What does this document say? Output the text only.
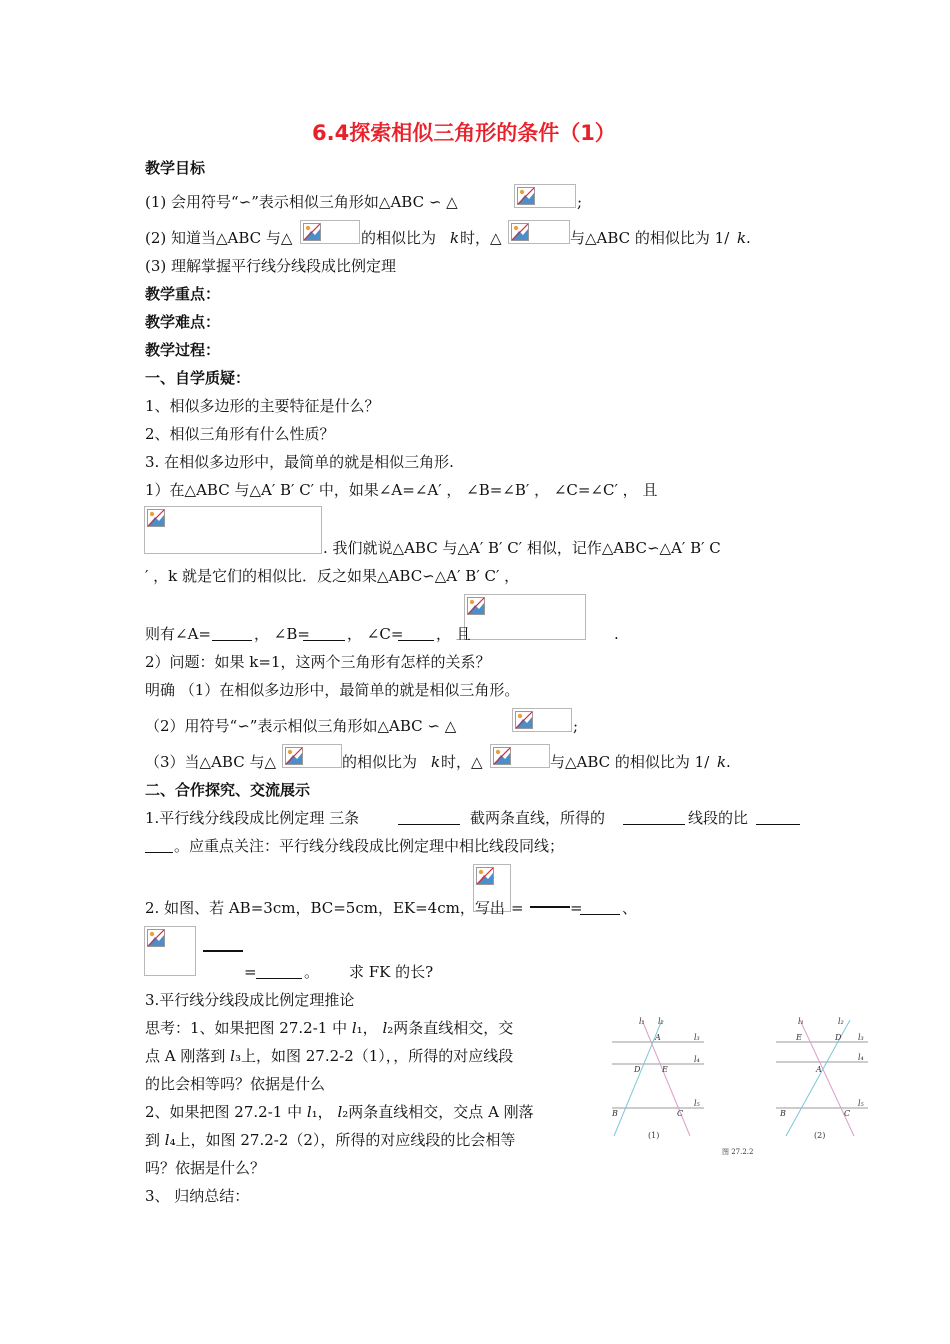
6.4探索相似三角形的条件（1）
教学目标
(1) 会用符号“∽”表示相似三角形如△ABC ∽ △	;
(2) 知道当△ABC 与△	的相似比为 k 时，△	与△ABC 的相似比为 1/ k .
(3) 理解掌握平行线分线段成比例定理
教学重点：
教学难点：
教学过程：
一、自学质疑：
1、相似多边形的主要特征是什么？
2、相似三角形有什么性质？
3. 在相似多边形中，最简单的就是相似三角形.
1）在△ABC 与△A′ B′ C′ 中，如果∠A=∠A′ ， ∠B=∠B′ ， ∠C=∠C′ ， 且
. 我们就说△ABC 与△A′ B′ C′ 相似，记作△ABC∽△A′ B′ C
′ ，k 就是它们的相似比．反之如果△ABC∽△A′ B′ C′ ，
则有∠A=	， ∠B= ， ∠C= ， 且	.
2）问题：如果 k=1，这两个三角形有怎样的关系？
明确 （1）在相似多边形中，最简单的就是相似三角形。
（2）用符号“∽”表示相似三角形如△ABC ∽ △	;
（3）当△ABC 与△	的相似比为 k 时，△	与△ABC 的相似比为 1/ k .
二、合作探究、交流展示
1.平行线分线段成比例定理 三条	截两条直线，所得的	线段的比
。应重点关注：平行线分线段成比例定理中相比线段同线；
2. 如图、若 AB=3cm，BC=5cm，EK=4cm，写出 =	=	、
=	。 求 FK 的长?
3.平行线分线段成比例定理推论
思考：1、如果把图 27.2-1 中 l₁， l₂两条直线相交，交
点 A 刚落到 l₃上，如图 27.2-2（1），，所得的对应线段
的比会相等吗？依据是什么
2、如果把图 27.2-1 中 l₁， l₂两条直线相交，交点 A 刚落
到 l₄上，如图 27.2-2（2），所得的对应线段的比会相等
吗？依据是什么？
3、 归纳总结：
l₁ l₂
l₃
l₄
l₅
A
D	E
B	C
(1)
l₁	l₂
l₃
l₄
l₅
A
D
E
B	C
(2)
图 27.2.2
